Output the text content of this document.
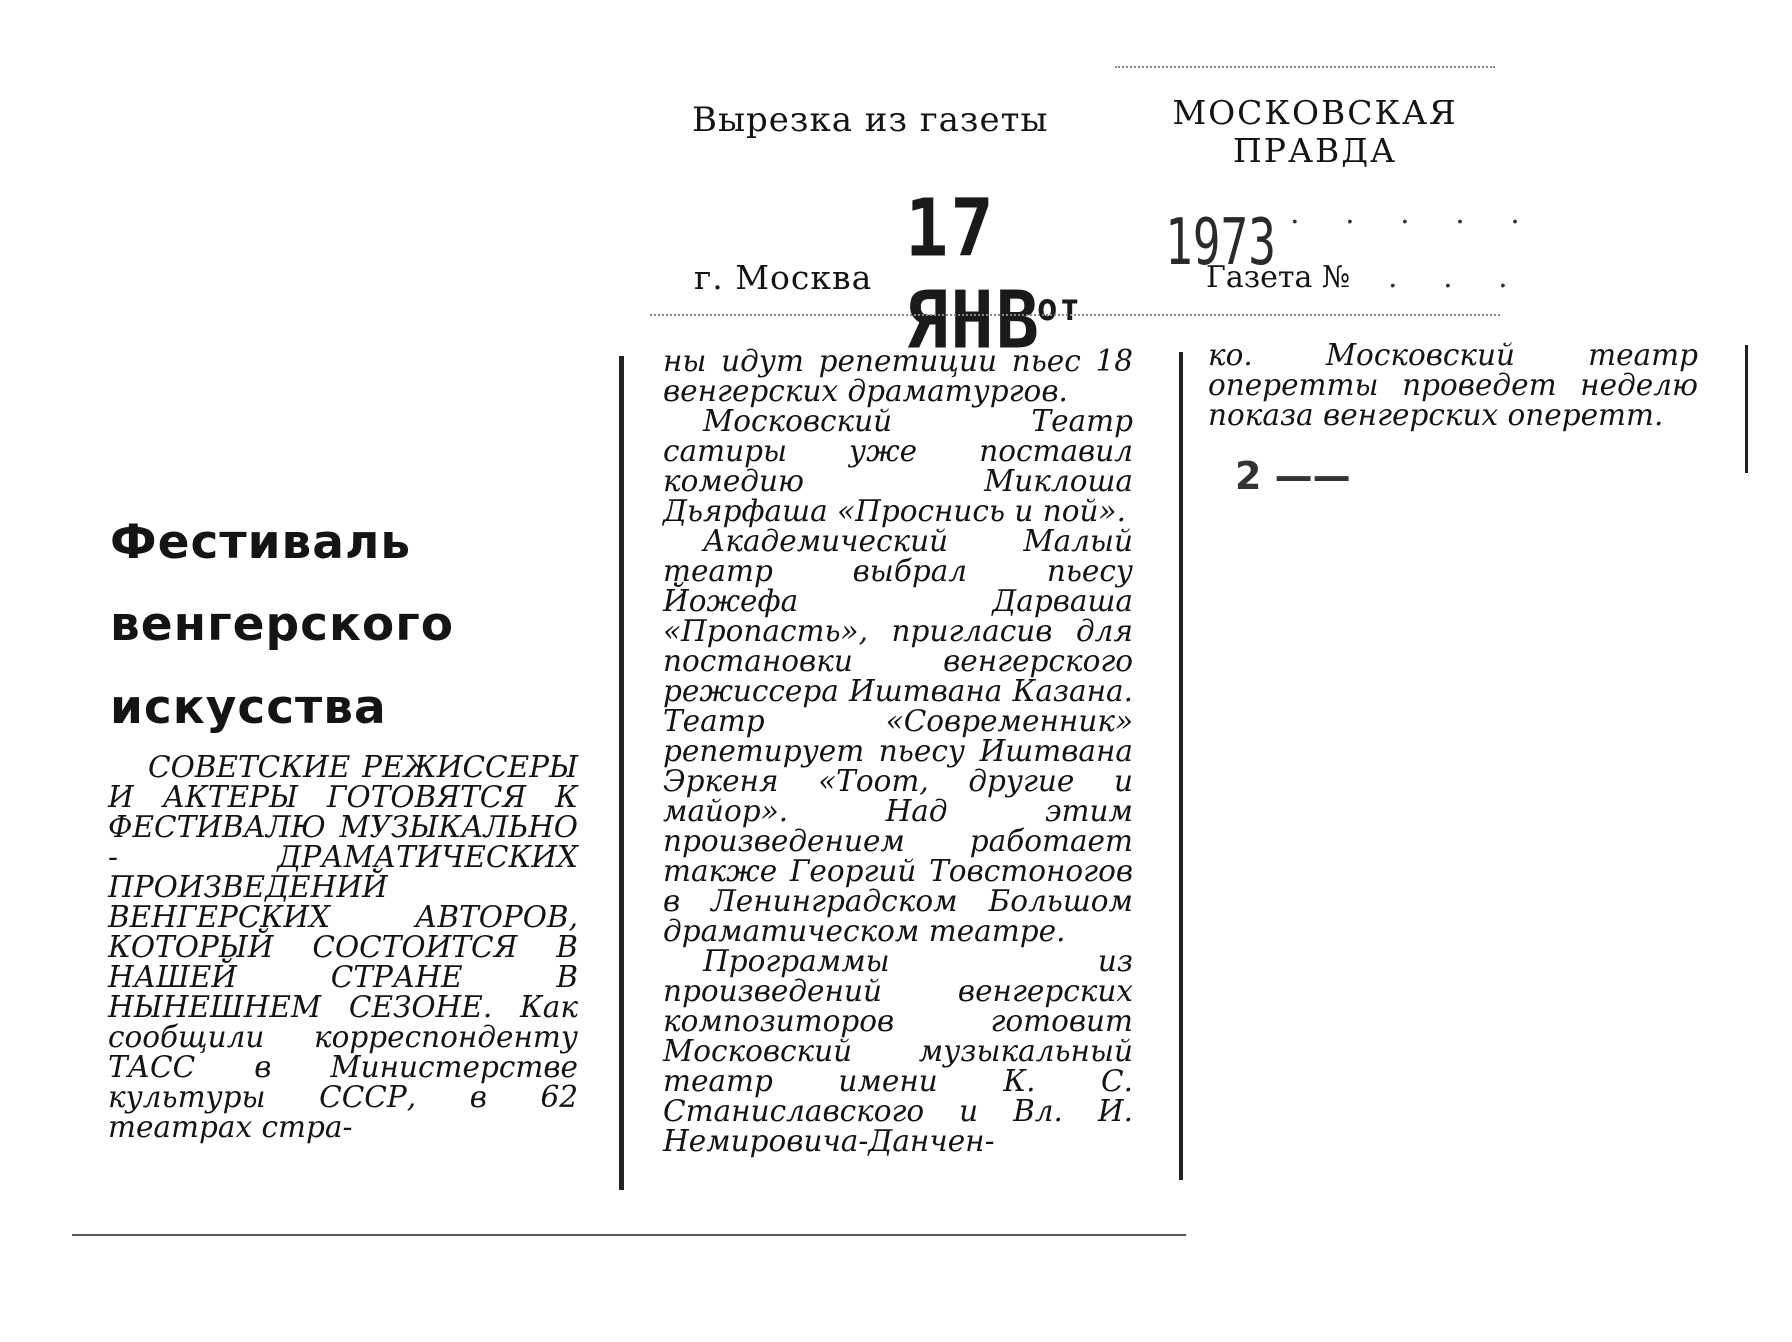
Вырезка из газеты	МОСКОВСКАЯ
ПРАВДА
г. Москва
17 $ЯНВ^{от}$
1973 . . . . .
Газета № . . .
Фестиваль
венгерского
искусства

СОВЕТСКИЕ РЕЖИССЕРЫ И АКТЕРЫ ГОТОВЯТСЯ К ФЕСТИВАЛЮ МУЗЫКАЛЬНО - ДРАМАТИЧЕСКИХ ПРОИЗВЕДЕНИЙ ВЕНГЕРСКИХ АВТОРОВ, КОТОРЫЙ СОСТОИТСЯ В НАШЕЙ СТРАНЕ В НЫНЕШНЕМ СЕЗОНЕ. Как сообщили корреспонденту ТАСС в Министерстве культуры СССР, в 62 театрах стра-

ны идут репетиции пьес 18 венгерских драматургов.

Московский Театр сатиры уже поставил комедию Миклоша Дьярфаша «Проснись и пой».

Академический Малый театр выбрал пьесу Йожефа Дарваша «Пропасть», пригласив для постановки венгерского режиссера Иштвана Казана. Театр «Современник» репетирует пьесу Иштвана Эркеня «Тоот, другие и майор». Над этим произведением работает также Георгий Товстоногов в Ленинградском Большом драматическом театре.

Программы из произведений венгерских композиторов готовит Московский музыкальный театр имени К. С. Станиславского и Вл. И. Немировича-Данчен-

ко. Московский театр оперетты проведет неделю показа венгерских оперетт.

2 ——
